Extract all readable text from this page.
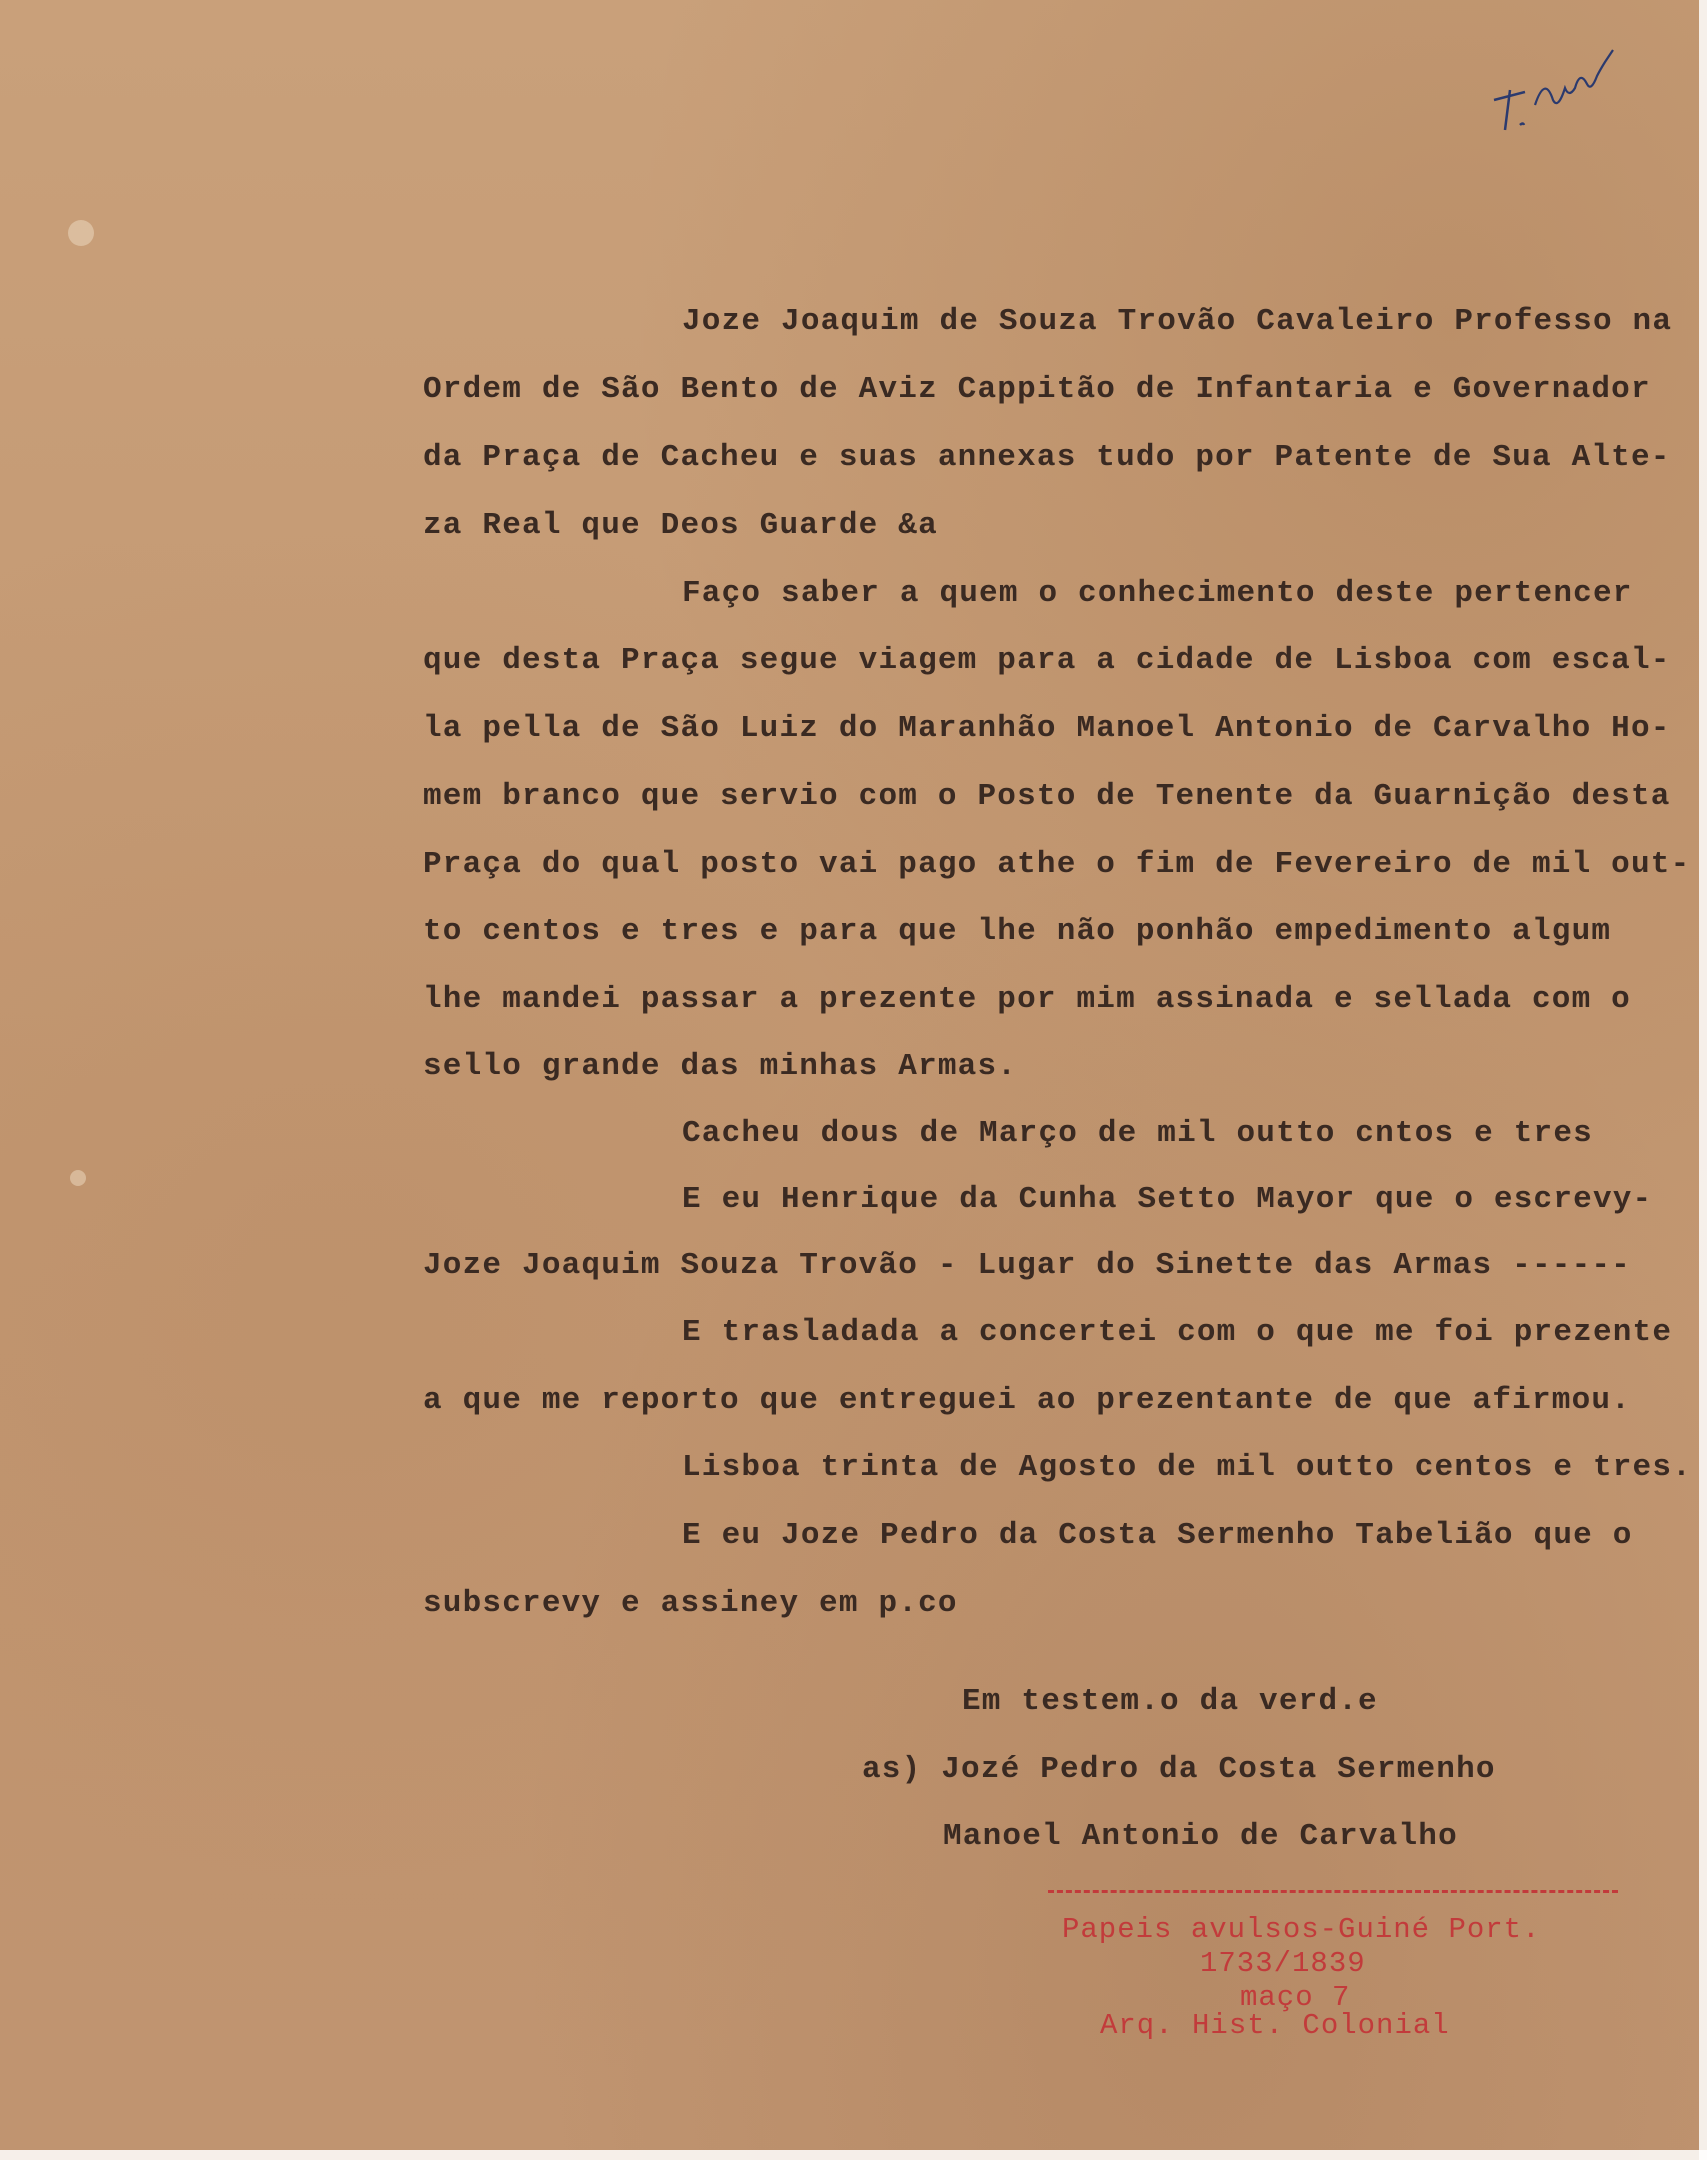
Joze Joaquim de Souza Trovão Cavaleiro Professo na
Ordem de São Bento de Aviz Cappitão de Infantaria e Governador
da Praça de Cacheu e suas annexas tudo por Patente de Sua Alte-
za Real que Deos Guarde &a
Faço saber a quem o conhecimento deste pertencer
que desta Praça segue viagem para a cidade de Lisboa com escal-
la pella de São Luiz do Maranhão Manoel Antonio de Carvalho Ho-
mem branco que servio com o Posto de Tenente da Guarnição desta
Praça do qual posto vai pago athe o fim de Fevereiro de mil out-
to centos e tres e para que lhe não ponhão empedimento algum
lhe mandei passar a prezente por mim assinada e sellada com o
sello grande das minhas Armas.
Cacheu dous de Março de mil outto cntos e tres
E eu Henrique da Cunha Setto Mayor que o escrevy-
Joze Joaquim Souza Trovão - Lugar do Sinette das Armas ------
E trasladada a concertei com o que me foi prezente
a que me reporto que entreguei ao prezentante de que afirmou.
Lisboa trinta de Agosto de mil outto centos e tres.
E eu Joze Pedro da Costa Sermenho Tabelião que o
subscrevy e assiney em p.co
Em testem.o da verd.e
as) Jozé Pedro da Costa Sermenho
Manoel Antonio de Carvalho
Papeis avulsos-Guiné Port.
1733/1839
maço 7
Arq. Hist. Colonial
